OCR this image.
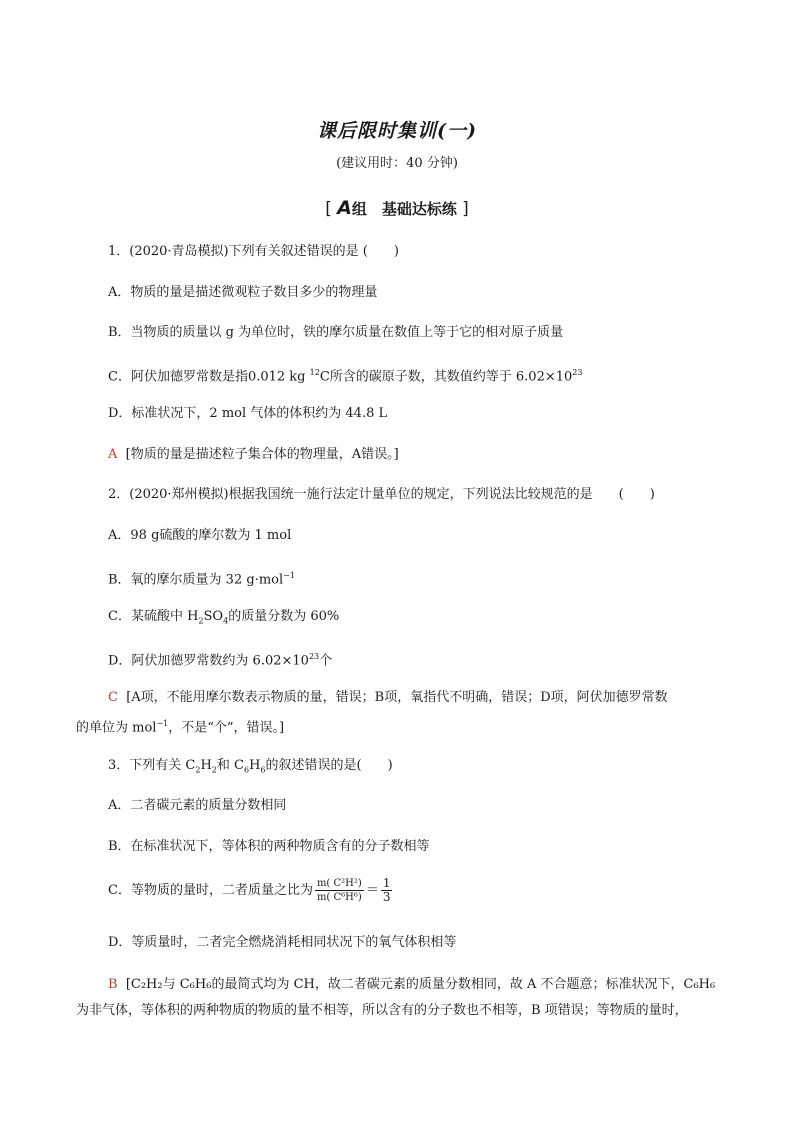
课后限时集训(一)
(建议用时：40 分钟)
[ A组　基础达标练 ]
1．(2020·青岛模拟)下列有关叙述错误的是 (　　)
A．物质的量是描述微观粒子数目多少的物理量
B．当物质的质量以 g 为单位时，铁的摩尔质量在数值上等于它的相对原子质量
C．阿伏加德罗常数是指0.012 kg $^{12}$C所含的碳原子数，其数值约等于 $6.02\times 10^{23}$
D．标准状况下，2 mol 气体的体积约为 44.8 L
A [物质的量是描述粒子集合体的物理量，A错误。]
2．(2020·郑州模拟)根据我国统一施行法定计量单位的规定，下列说法比较规范的是　　(　　)
A．98 g硫酸的摩尔数为 1 mol
B．氧的摩尔质量为 32 g·mol$^{-1}$
C．某硫酸中 $H_2SO_4$的质量分数为 60%
D．阿伏加德罗常数约为 $6.02\times 10^{23}$个
C [A项，不能用摩尔数表示物质的量，错误；B项，氧指代不明确，错误；D项，阿伏加德罗常数
的单位为 mol$^{-1}$，不是“个”，错误。]
3．下列有关 $C_2H_2$和 $C_6H_6$的叙述错误的是(　　)
A．二者碳元素的质量分数相同
B．在标准状况下，等体积的两种物质含有的分子数相等
C．等物质的量时，二者质量之比为 $\frac{\text{m( C²H²)}}{\text{m( C⁶H⁶)}} = \frac{1}{3}$
D．等质量时，二者完全燃烧消耗相同状况下的氧气体积相等
B [C₂H₂与 C₆H₆的最简式均为 CH，故二者碳元素的质量分数相同，故 A 不合题意；标准状况下，C₆H₆
为非气体，等体积的两种物质的物质的量不相等，所以含有的分子数也不相等，B 项错误；等物质的量时，
